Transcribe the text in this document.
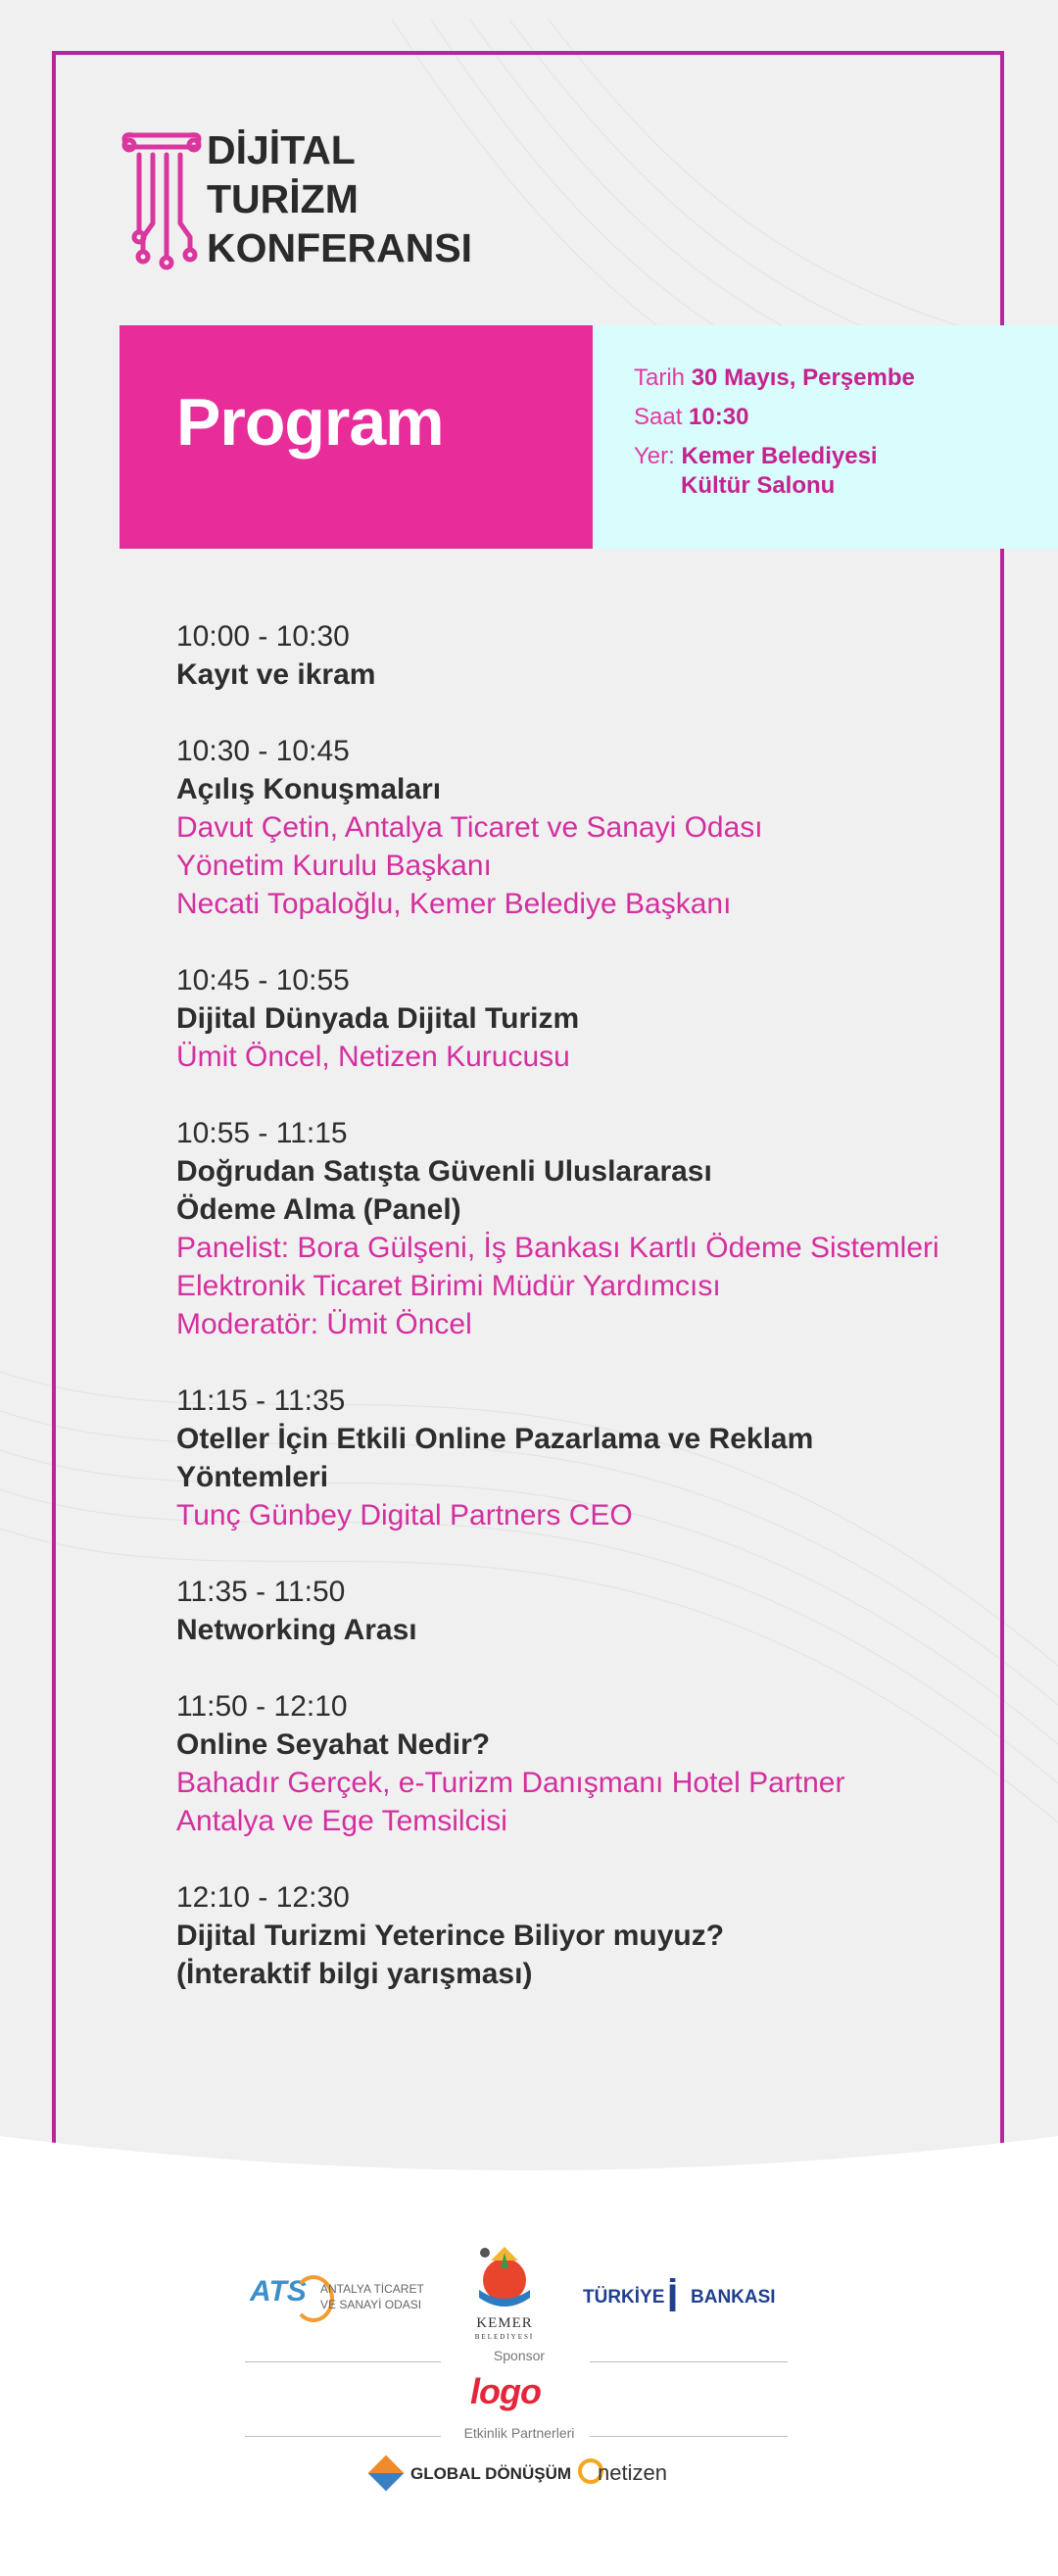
DİJİTAL
TURİZM
KONFERANSI
Program
Tarih 30 Mayıs, Perşembe
Saat 10:30
Yer: Kemer Belediyesi
Kültür Salonu
10:00 - 10:30
Kayıt ve ikram
10:30 - 10:45
Açılış Konuşmaları
Davut Çetin, Antalya Ticaret ve Sanayi Odası
Yönetim Kurulu Başkanı
Necati Topaloğlu, Kemer Belediye Başkanı
10:45 - 10:55
Dijital Dünyada Dijital Turizm
Ümit Öncel, Netizen Kurucusu
10:55 - 11:15
Doğrudan Satışta Güvenli Uluslararası
Ödeme Alma (Panel)
Panelist: Bora Gülşeni, İş Bankası Kartlı Ödeme Sistemleri
Elektronik Ticaret Birimi Müdür Yardımcısı
Moderatör: Ümit Öncel
11:15 - 11:35
Oteller İçin Etkili Online Pazarlama ve Reklam
Yöntemleri
Tunç Günbey Digital Partners CEO
11:35 - 11:50
Networking Arası
11:50 - 12:10
Online Seyahat Nedir?
Bahadır Gerçek, e-Turizm Danışmanı Hotel Partner
Antalya ve Ege Temsilcisi
12:10 - 12:30
Dijital Turizmi Yeterince Biliyor muyuz?
(İnteraktif bilgi yarışması)
ATS ANTALYA TİCARET
VE SANAYİ ODASI
KEMER
BELEDİYESİ
TÜRKİYE İ BANKASI
Sponsor
logo
Etkinlik Partnerleri
GLOBAL DÖNÜŞÜM netizen
